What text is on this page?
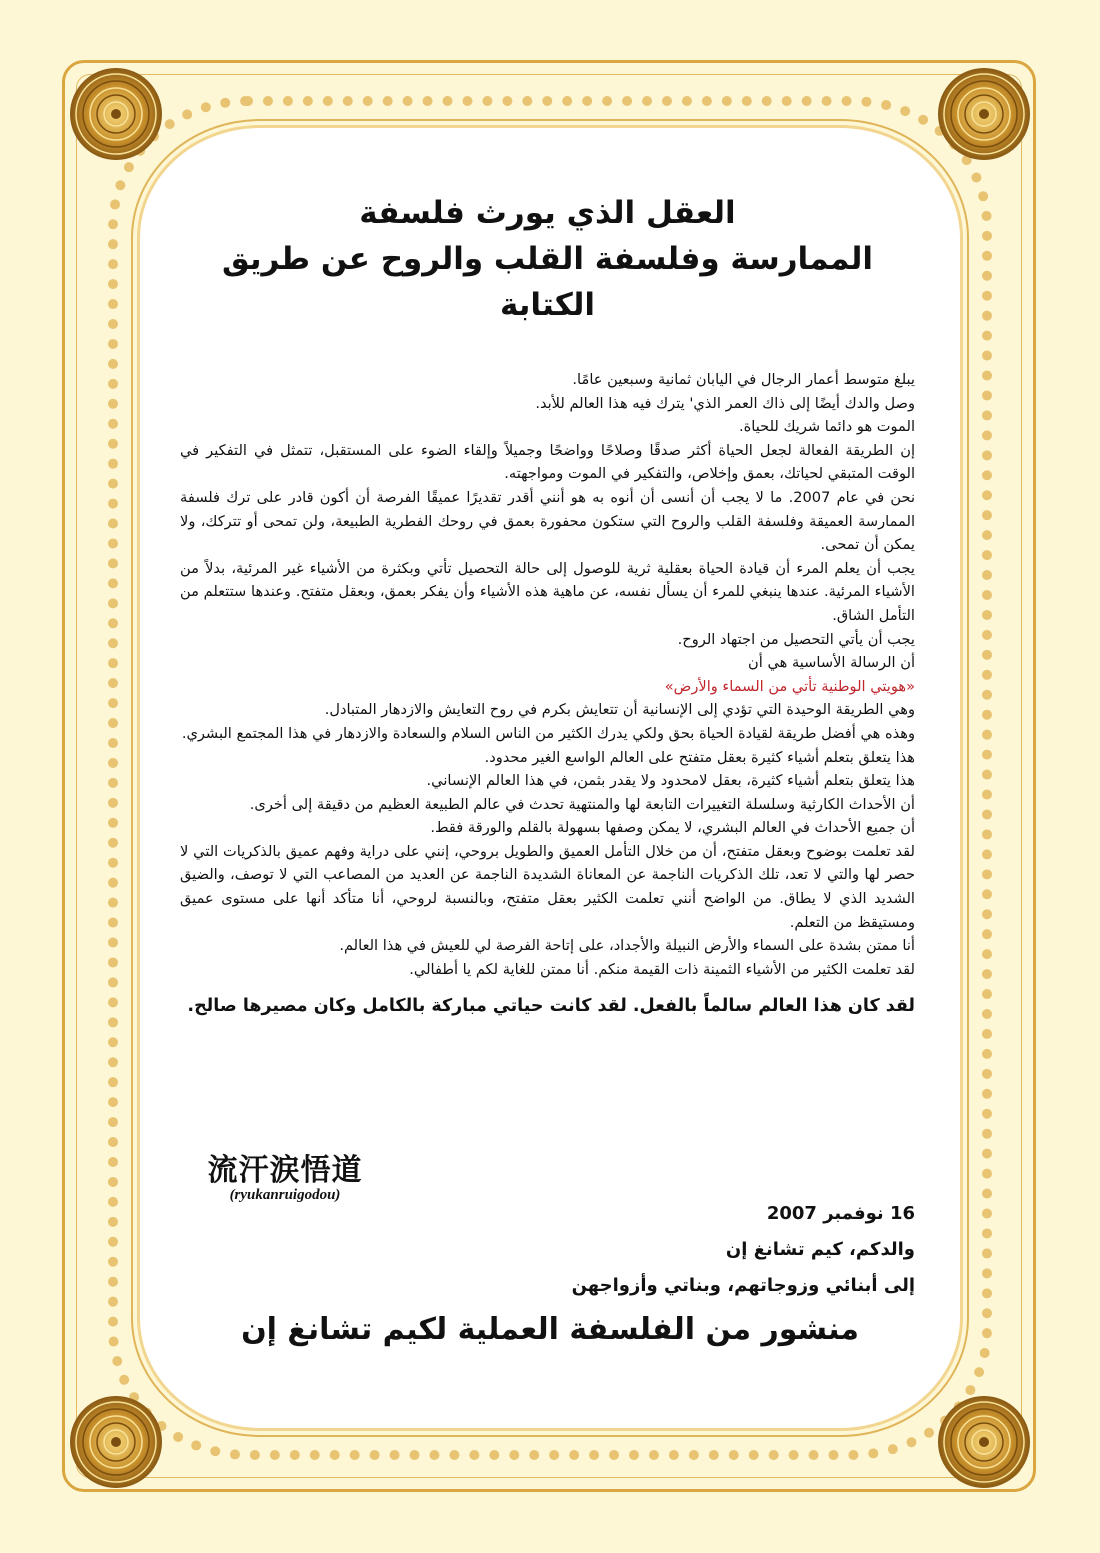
العقل الذي يورث فلسفة
الممارسة وفلسفة القلب والروح عن طريق الكتابة

يبلغ متوسط أعمار الرجال في اليابان ثمانية وسبعين عامًا.

وصل والدك أيضًا إلى ذاك العمر الذي' يترك فيه هذا العالم للأبد.

الموت هو دائما شريك للحياة.

إن الطريقة الفعالة لجعل الحياة أكثر صدقًا وصلاحًا وواضحًا وجميلاً وإلقاء الضوء على المستقبل، تتمثل في التفكير في الوقت المتبقي لحياتك، بعمق وإخلاص، والتفكير في الموت ومواجهته.

نحن في عام 2007. ما لا يجب أن أنسى أن أنوه به هو أنني أقدر تقديرًا عميقًا الفرصة أن أكون قادر على ترك فلسفة الممارسة العميقة وفلسفة القلب والروح التي ستكون محفورة بعمق في روحك الفطرية الطبيعة، ولن تمحى أو تتركك، ولا يمكن أن تمحى.

يجب أن يعلم المرء أن قيادة الحياة بعقلية ثرية للوصول إلى حالة التحصيل تأتي وبكثرة من الأشياء غير المرئية، بدلاً من الأشياء المرئية. عندها ينبغي للمرء أن يسأل نفسه، عن ماهية هذه الأشياء وأن يفكر بعمق، وبعقل متفتح. وعندها ستتعلم من التأمل الشاق.

يجب أن يأتي التحصيل من اجتهاد الروح.

أن الرسالة الأساسية هي أن

«هويتي الوطنية تأتي من السماء والأرض»

وهي الطريقة الوحيدة التي تؤدي إلى الإنسانية أن تتعايش بكرم في روح التعايش والازدهار المتبادل.

وهذه هي أفضل طريقة لقيادة الحياة بحق ولكي يدرك الكثير من الناس السلام والسعادة والازدهار في هذا المجتمع البشري.

هذا يتعلق بتعلم أشياء كثيرة بعقل متفتح على العالم الواسع الغير محدود.

هذا يتعلق بتعلم أشياء كثيرة، بعقل لامحدود ولا يقدر بثمن، في هذا العالم الإنساني.

أن الأحداث الكارثية وسلسلة التغييرات التابعة لها والمنتهية تحدث في عالم الطبيعة العظيم من دقيقة إلى أخرى.

أن جميع الأحداث في العالم البشري، لا يمكن وصفها بسهولة بالقلم والورقة فقط.

لقد تعلمت بوضوح وبعقل متفتح، أن من خلال التأمل العميق والطويل بروحي، إنني على دراية وفهم عميق بالذكريات التي لا حصر لها والتي لا تعد، تلك الذكريات الناجمة عن المعاناة الشديدة الناجمة عن العديد من المصاعب التي لا توصف، والضيق الشديد الذي لا يطاق. من الواضح أنني تعلمت الكثير بعقل متفتح، وبالنسبة لروحي، أنا متأكد أنها على مستوى عميق ومستيقظ من التعلم.

أنا ممتن بشدة على السماء والأرض النبيلة والأجداد، على إتاحة الفرصة لي للعيش في هذا العالم.

لقد تعلمت الكثير من الأشياء الثمينة ذات القيمة منكم. أنا ممتن للغاية لكم يا أطفالي.

لقد كان هذا العالم سالماً بالفعل. لقد كانت حياتي مباركة بالكامل وكان مصيرها صالح.
流汗涙悟道
(ryukanruigodou)
16 نوفمبر 2007
والدكم، كيم تشانغ إن
إلى أبنائي وزوجاتهم، وبناتي وأزواجهن
منشور من الفلسفة العملية لكيم تشانغ إن
